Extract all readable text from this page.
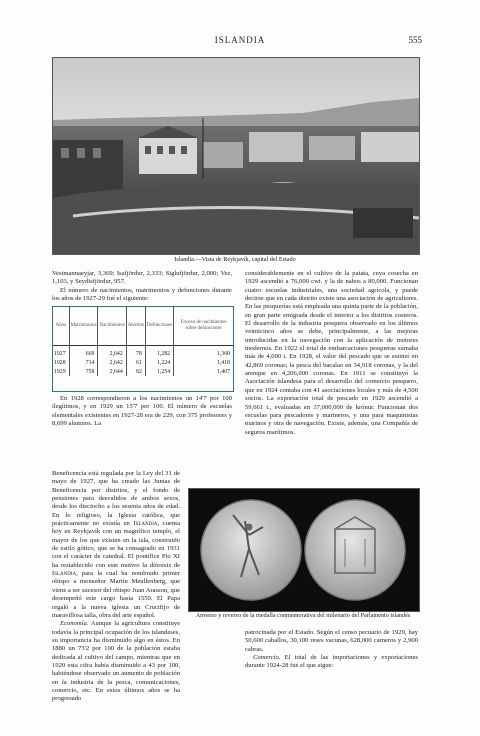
ISLANDIA	555
Islandia.—Vista de Reykjavík, capital del Estado

Vestmannaeyjar, 3,369; Isafjördur, 2,333; Siglufjördur, 2,000; Vez, 1,103, y Seydisfjördur, 957.

El número de nacimientos, matrimonios y defunciones durante los años de 1927-29 fué el siguiente:

Años	Matrimonios	Nacimientos	Abortos	Defunciones	Exceso de nacimientos sobre defunciones
1927	669	2,642	78	1,282	1,360
1928	714	2,642	61	1,224	1,418
1929	758	2,644	82	1,254	1,407

En 1928 correspondieron a los nacimientos un 14'7 por 100 ilegítimos, y en 1929 un 15'7 por 100. El número de escuelas elementales existentes en 1927-28 era de 229, con 375 profesores y 8,699 alumnos. La

Beneficencia está regulada por la Ley del 31 de mayo de 1927, que ha creado las Juntas de Beneficencia por distritos, y el fondo de pensiones para desvalidos de ambos sexos, desde los dieciocho a los sesenta años de edad. En lo religioso, la Iglesia católica, que prácticamente no existía en Islandia, cuenta hoy en Reykjavík con un magnífico templo, el mayor de los que existen en la isla, construido de estilo gótico, que se ha consagrado en 1931 con el carácter de catedral. El pontífice Pío XI ha restablecido con este motivo la diócesis de Islandia, para la cual ha nombrado primer obispo a monseñor Martín Meullenberg, que viene a ser sucesor del obispo Juan Arasson, que desempeñó este cargo hasta 1550. El Papa regaló a la nueva iglesia un Crucifijo de maravillosa talla, obra del arte español.

Economía. Aunque la agricultura constituye todavía la principal ocupación de los islandeses, su importancia ha disminuido algo en éstos. En 1880 un 73'2 por 100 de la población estaba dedicada al cultivo del campo, mientras que en 1920 esta cifra había disminuido a 43 por 100, habiéndose observado un aumento de población en la industria de la pesca, comunicaciones, comercio, etc. En estos últimos años se ha progresado

considerablemente en el cultivo de la patata, cuya cosecha en 1929 ascendió a 76,000 cwt. y la de nabos a 80,000. Funcionan cuatro escuelas industriales, una sociedad agrícola, y puede decirse que en cada distrito existe una asociación de agricultores. En las pesquerías está empleada una quinta parte de la población, en gran parte emigrada desde el interior a los distritos costeros. El desarrollo de la industria pesquera observado en los últimos veinticinco años se debe, principalmente, a las mejoras introducidas en la navegación con la aplicación de motores modernos. En 1922 el total de embarcaciones pesqueras sumaba más de 4,000 t. En 1928, el valor del pescado que se estimó en 42,869 coronas; la pesca del bacalao en 34,918 coronas, y la del arenque en 4,206,000 coronas. En 1911 se constituyó la Asociación islandesa para el desarrollo del comercio pesquero, que en 1924 contaba con 41 asociaciones locales y más de 4,500 socios. La exportación total de pescado en 1929 ascendió a 59,661 t., evaluadas en 37,000,000 de krónur. Funcionan dos escuelas para pescadores y marineros, y una para maquinistas marinos y otra de navegación. Existe, además, una Compañía de seguros marítimos.

Anverso y reverso de la medalla conmemorativa del milenario del Parlamento islandés

patrocinada por el Estado. Según el censo pecuario de 1929, hay 50,600 caballos, 30,100 reses vacunas, 628,000 carneros y 2,900 cabras.

Comercio. El total de las importaciones y exportaciones durante 1924-28 fué el que sigue:
